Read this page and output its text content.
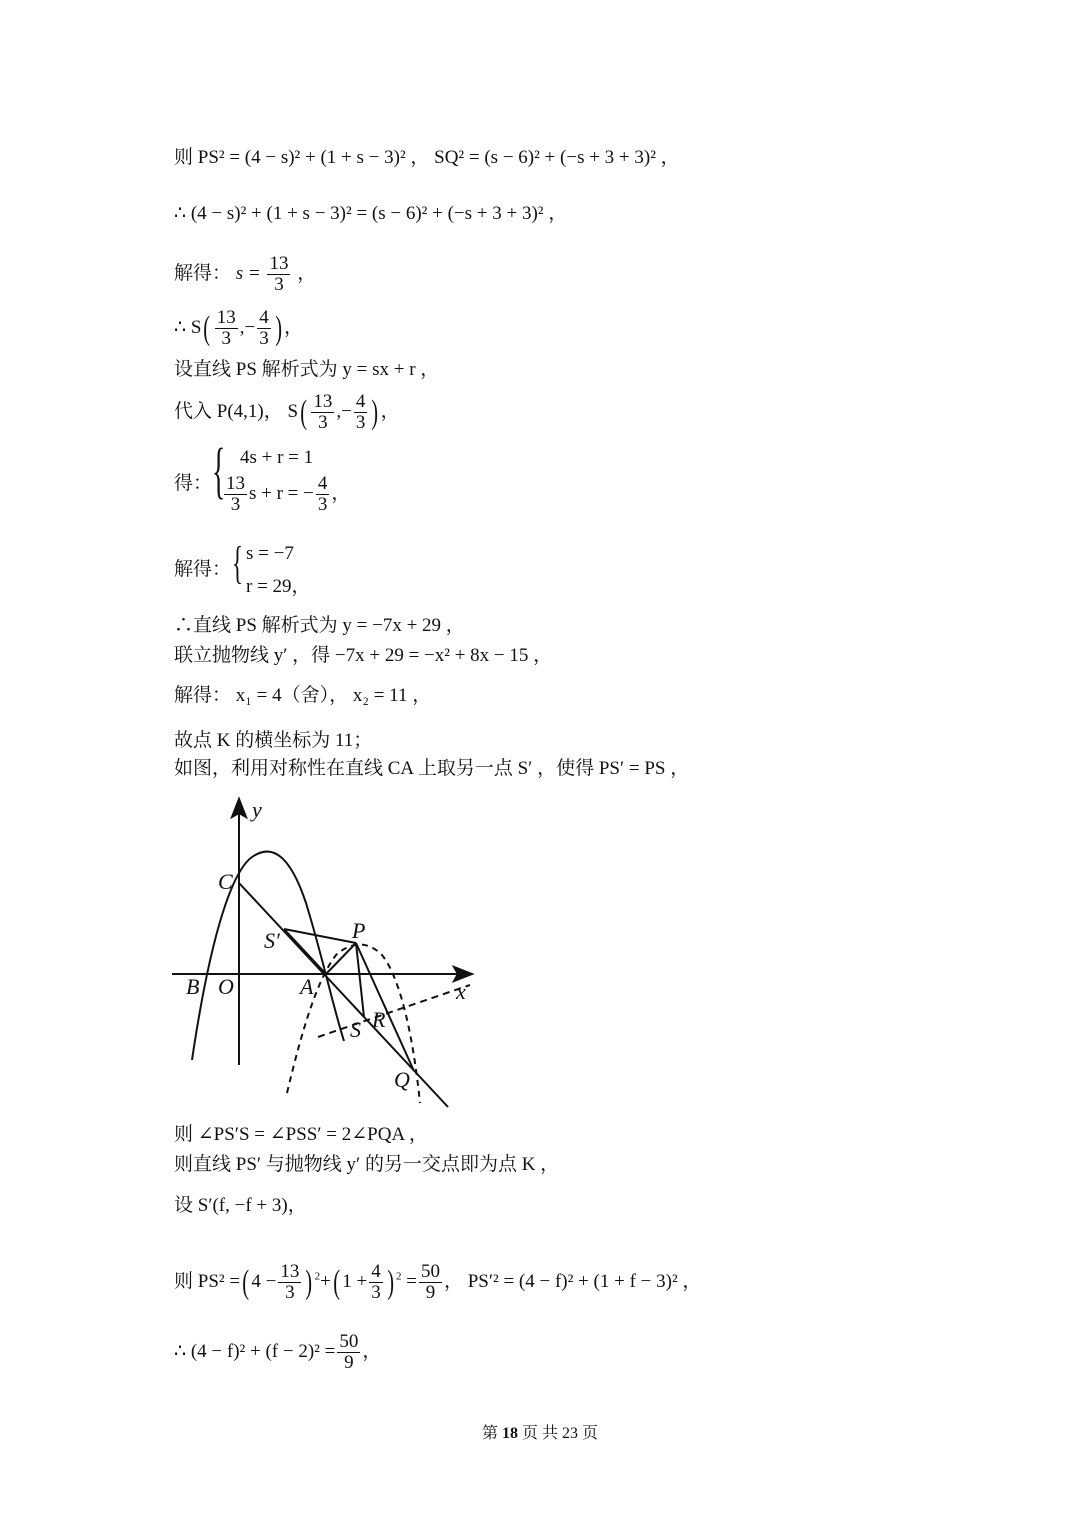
则 PS² = (4 − s)² + (1 + s − 3)² ， SQ² = (s − 6)² + (−s + 3 + 3)² ，
∴ (4 − s)² + (1 + s − 3)² = (s − 6)² + (−s + 3 + 3)² ，
解得： $s = \frac{13}{3}$ ，
∴ $S( \frac{13}{3}$ ,− $\frac{4}{3}$ ) ，
设直线 PS 解析式为 y = sx + r ，
代入 P(4,1)， $S( \frac{13}{3}$ ,− $\frac{4}{3}$ ) ，
得： { 4s + r = 1
$\frac{13}{3}$ s + r = − $\frac{4}{3}$ ，
解得： { s = −7
r = 29，
∴直线 PS 解析式为 y = −7x + 29 ，
联立抛物线 y′ ，得 −7x + 29 = −x² + 8x − 15 ，
解得： x₁ = 4（舍）， x₂ = 11 ，
故点 K 的横坐标为 11；
如图，利用对称性在直线 CA 上取另一点 S′ ，使得 PS′ = PS ，
y
x
C
S′	P
B O	A
S R
Q
则 ∠PS′S = ∠PSS′ = 2∠PQA ，
则直线 PS′ 与抛物线 y′ 的另一交点即为点 K ，
设 S′(f, −f + 3)，
则 PS² =( $4 - \frac{13}{3}$ ) $^2$+( $1 + \frac{4}{3}$ ) $^2 = \frac{50}{9}$ ， PS′² = (4 − f)² + (1 + f − 3)² ，
∴ $(4 - f)^2 + (f - 2)^2 = \frac{50}{9}$ ，
第 18 页 共 23 页
